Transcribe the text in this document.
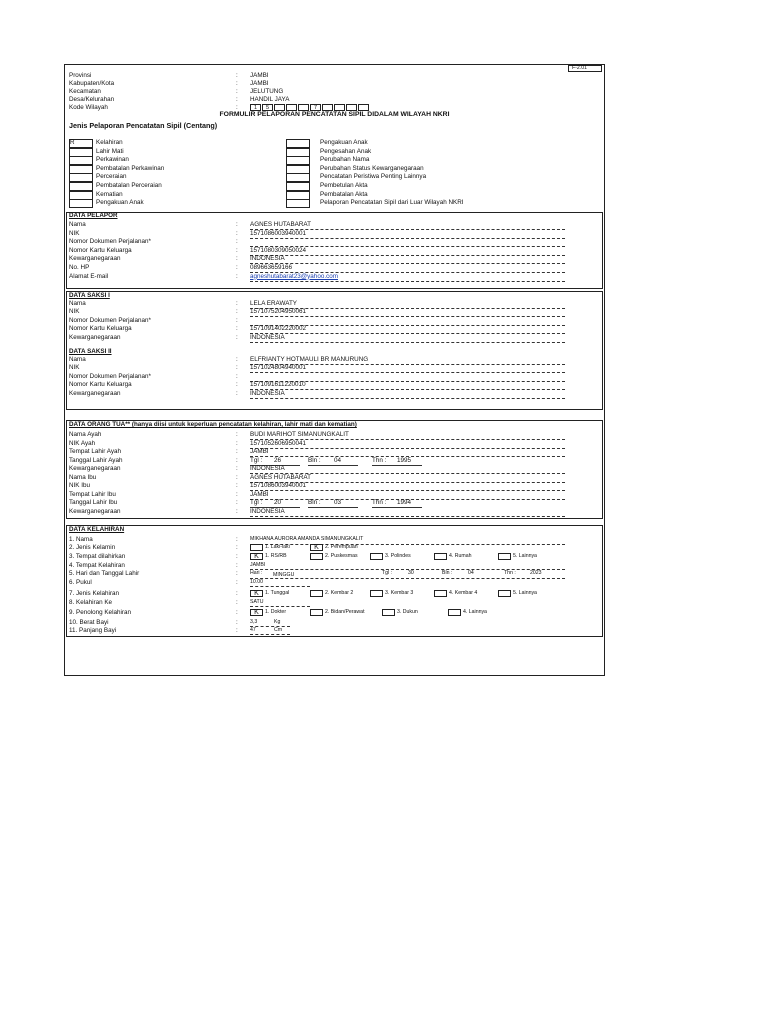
F-2.01
Provinsi	: JAMBI
Kabupaten/Kota	: JAMBI
Kecamatan	: JELUTUNG
Desa/Kelurahan	: HANDIL JAYA
Kode Wilayah	:
FORMULIR PELAPORAN PENCATATAN SIPIL DIDALAM WILAYAH NKRI
Jenis Pelaporan Pencatatan Sipil (Centang)
DATA PELAPOR
DATA SAKSI I
DATA SAKSI II
DATA ORANG TUA** (hanya diisi untuk keperluan pencatatan kelahiran, lahir mati dan kematian)
DATA KELAHIRAN
1	5	7
R	Kelahiran
Lahir Mati
Perkawinan
Pembatalan Perkawinan
Perceraian
Pembatalan Perceraian
Kematian
Pengakuan Anak
Pengakuan Anak
Pengesahan Anak
Perubahan Nama
Perubahan Status Kewarganegaraan
Pencatatan Peristiwa Penting Lainnya
Pembetulan Akta
Pembatalan Akta
Pelaporan Pencatatan Sipil dari Luar Wilayah NKRI
Nama	: AGNES HUTABARAT
NIK	: 1571086003940001
Nomor Dokumen Perjalanan*	:
Nomor Kartu Keluarga	: 1571080309050024
Kewarganegaraan	: INDONESIA
No. HP	: 089663659166
Alamat E-mail	: agneshutabarat23@yahoo.com
Nama	: LELA ERAWATY
NIK	: 1571075204950061
Nomor Dokumen Perjalanan*	:
Nomor Kartu Keluarga	: 1571091402220002
Kewarganegaraan	: INDONESIA
Nama	: ELFRIANTY HOTMAULI BR MANURUNG
NIK	: 1571024804940001
Nomor Dokumen Perjalanan*	:
Nomor Kartu Keluarga	: 1571091611220010
Kewarganegaraan	: INDONESIA
Nama Ayah	: BUDI MARIHOT SIMANUNGKALIT
NIK Ayah	: 1571052606950041
Tempat Lahir Ayah	: JAMBI
Tanggal Lahir Ayah	: Tgl : 26	Bln : 04	Thn : 1995
Kewarganegaraan	: INDONESIA
Nama Ibu	: AGNES HUTABARAT
NIK Ibu	: 1571086003940001
Tempat Lahir Ibu	: JAMBI
Tanggal Lahir Ibu	: Tgl : 20	Bln : 03	Thn : 1994
Kewarganegaraan	: INDONESIA
1. Nama	: MIKHANA AURORA AMANDA SIMANUNGKALIT
2. Jenis Kelamin	:	1. Laki-laki	K	2. Perempuan
3. Tempat dilahirkan	:	K	1. RS/RB	2. Puskesmas	3. Polindes	4. Rumah	5. Lainnya
4. Tempat Kelahiran	: JAMBI
5. Hari dan Tanggal Lahir	: Hari : MINGGU	Tgl :	30	Bln :	04	Thn :	2023
6. Pukul	: 10.00
7. Jenis Kelahiran	:	K	1. Tunggal	2. Kembar 2	3. Kembar 3	4. Kembar 4	5. Lainnya
8. Kelahiran Ke	: SATU
9. Penolong Kelahiran	:	K	1. Dokter	2. Bidan/Perawat	3. Dukun	4. Lainnya
10. Berat Bayi	: 3,3	Kg
11. Panjang Bayi	: 47	Cm
